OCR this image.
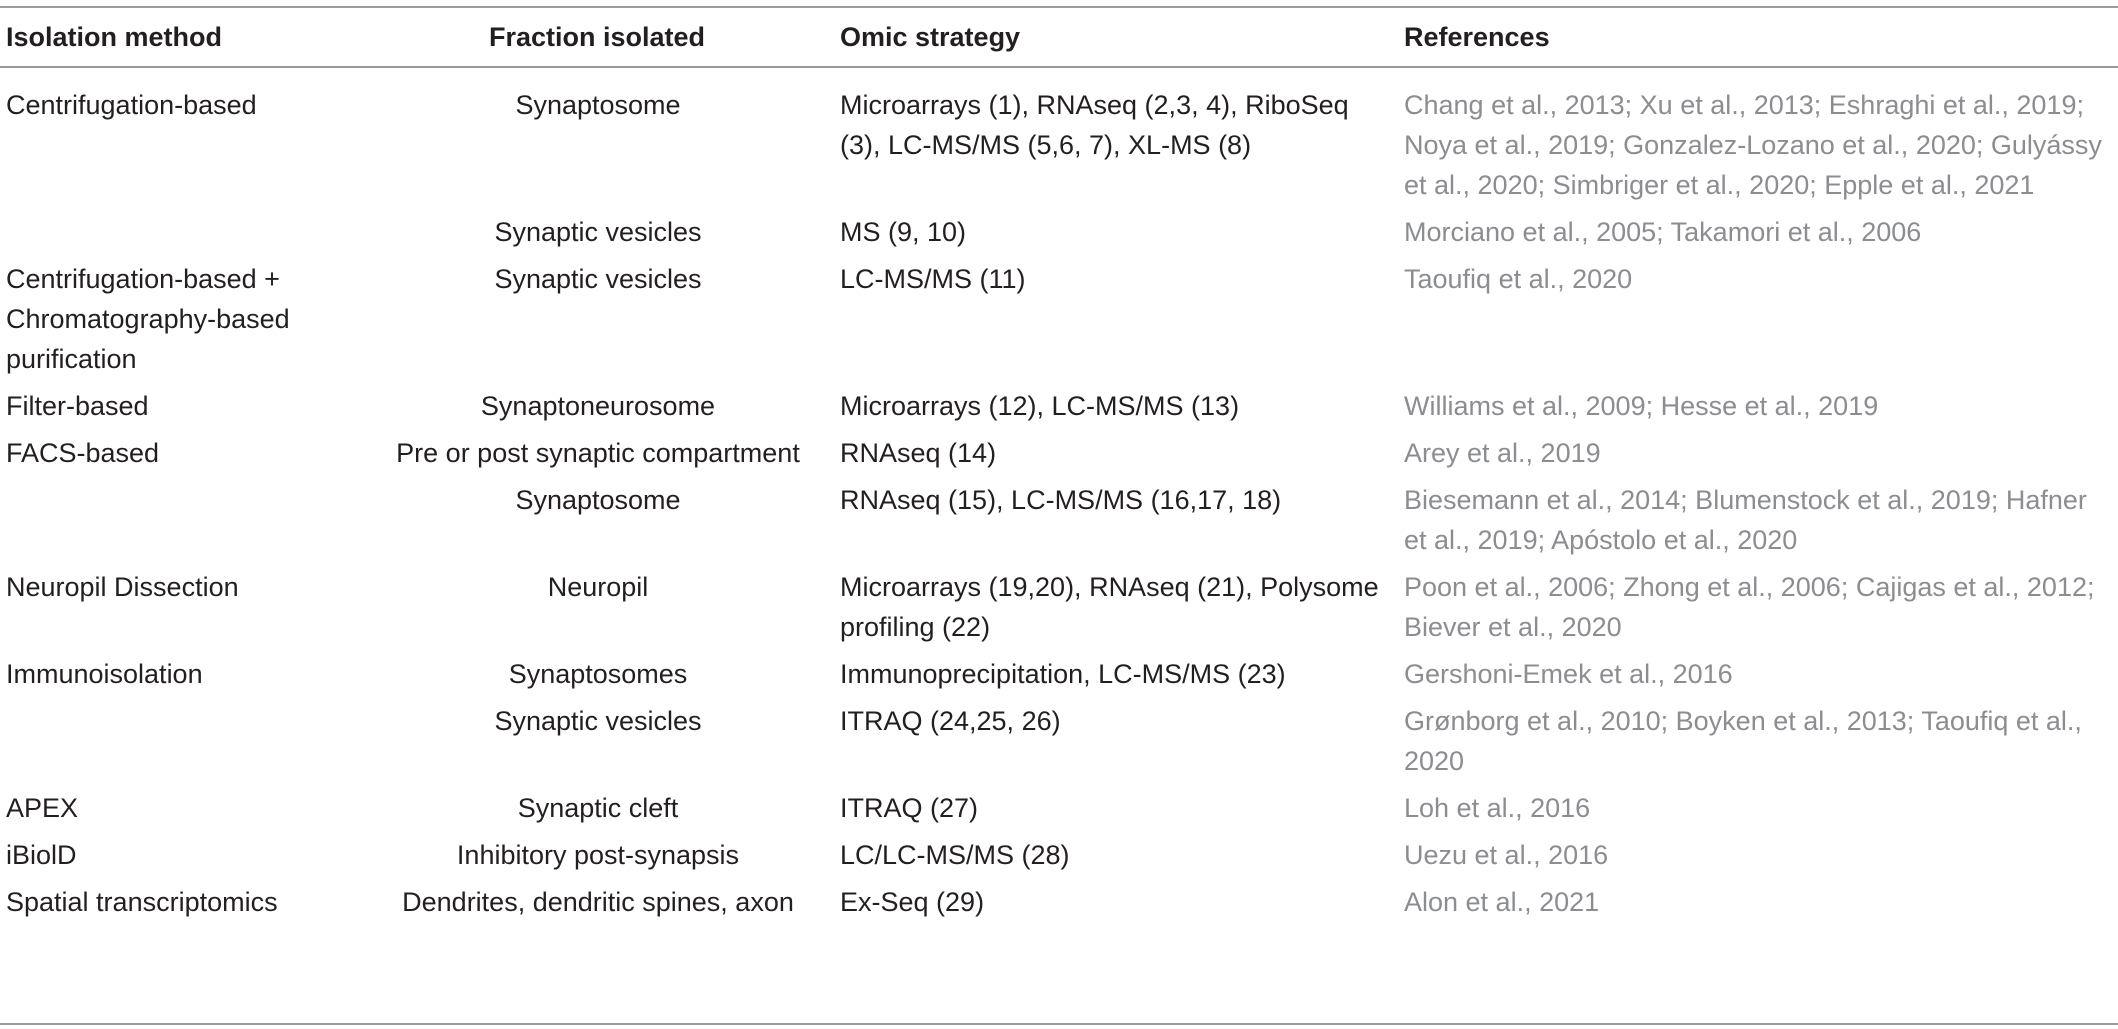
Isolation method	Fraction isolated	Omic strategy	References
Centrifugation-based	Synaptosome	Microarrays (1), RNAseq (2,3, 4), RiboSeq (3), LC-MS/MS (5,6, 7), XL-MS (8)	Chang et al., 2013; Xu et al., 2013; Eshraghi et al., 2019; Noya et al., 2019; Gonzalez-Lozano et al., 2020; Gulyássy et al., 2020; Simbriger et al., 2020; Epple et al., 2021
	Synaptic vesicles	MS (9, 10)	Morciano et al., 2005; Takamori et al., 2006

Centrifugation-based + Chromatography-based purification	Synaptic vesicles	LC-MS/MS (11)	Taoufiq et al., 2020
Filter-based	Synaptoneurosome	Microarrays (12), LC-MS/MS (13)	Williams et al., 2009; Hesse et al., 2019
FACS-based	Pre or post synaptic compartment	RNAseq (14)	Arey et al., 2019
	Synaptosome	RNAseq (15), LC-MS/MS (16,17, 18)	Biesemann et al., 2014; Blumenstock et al., 2019; Hafner et al., 2019; Apóstolo et al., 2020
Neuropil Dissection	Neuropil	Microarrays (19,20), RNAseq (21), Polysome profiling (22)	Poon et al., 2006; Zhong et al., 2006; Cajigas et al., 2012; Biever et al., 2020
Immunoisolation	Synaptosomes	Immunoprecipitation, LC-MS/MS (23)	Gershoni-Emek et al., 2016
	Synaptic vesicles	ITRAQ (24,25, 26)	Grønborg et al., 2010; Boyken et al., 2013; Taoufiq et al., 2020
APEX	Synaptic cleft	ITRAQ (27)	Loh et al., 2016
iBiolD	Inhibitory post-synapsis	LC/LC-MS/MS (28)	Uezu et al., 2016
Spatial transcriptomics	Dendrites, dendritic spines, axon	Ex-Seq (29)	Alon et al., 2021
